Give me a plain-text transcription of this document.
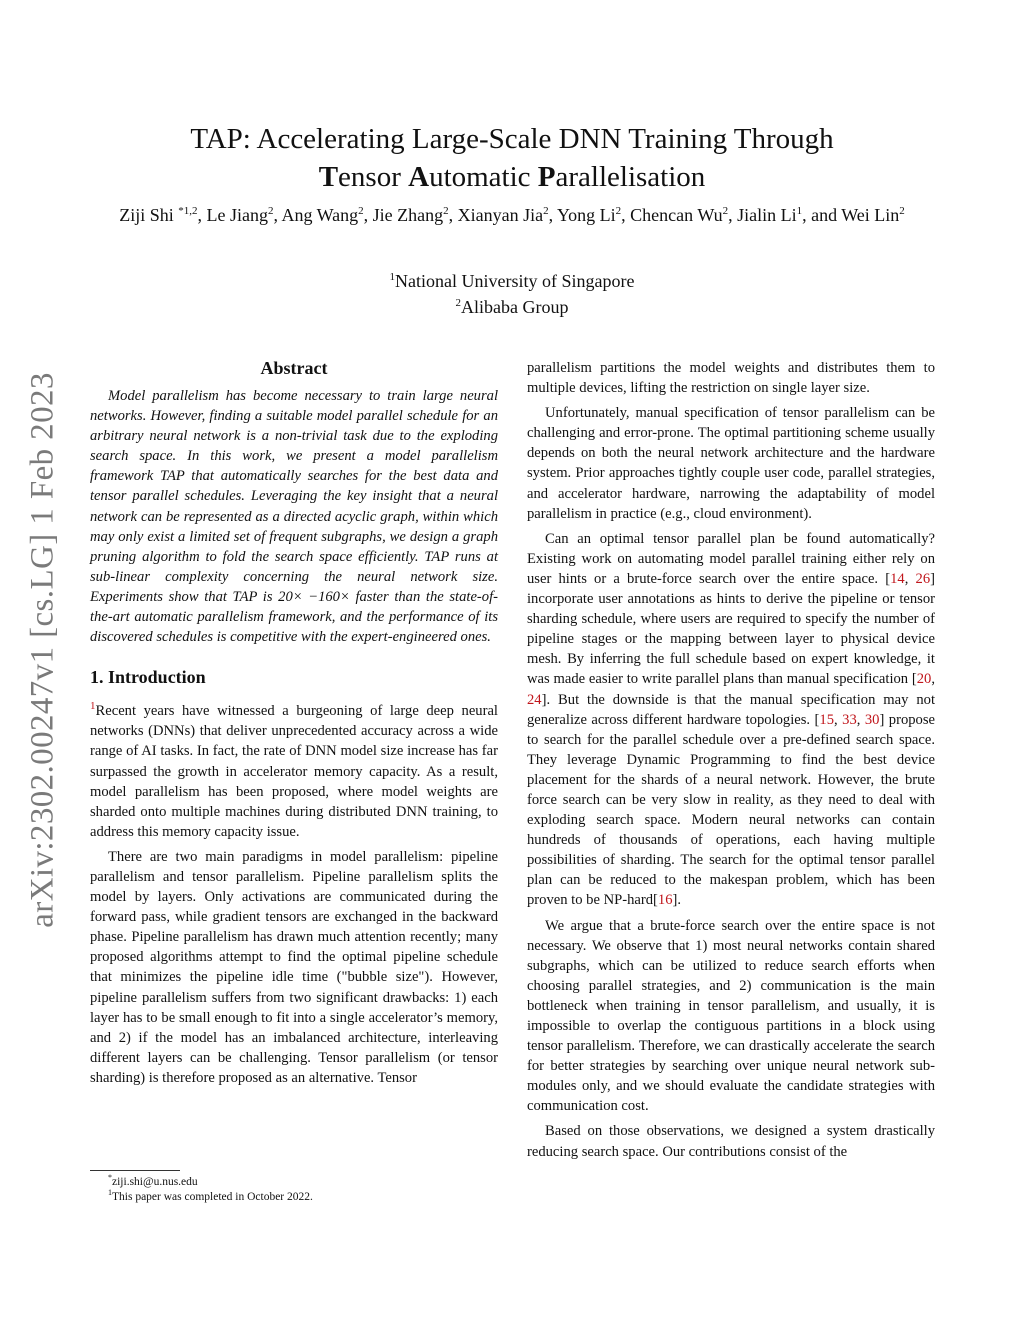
arXiv:2302.00247v1 [cs.LG] 1 Feb 2023
TAP: Accelerating Large-Scale DNN Training Through
Tensor Automatic Parallelisation
Ziji Shi $^{*1,2}$, Le Jiang$^2$, Ang Wang$^2$, Jie Zhang$^2$, Xianyan Jia$^2$, Yong Li$^2$, Chencan Wu$^2$, Jialin Li$^1$, and Wei Lin$^2$
$^1$National University of Singapore
$^2$Alibaba Group
Abstract

Model parallelism has become necessary to train large neural networks. However, finding a suitable model parallel schedule for an arbitrary neural network is a non-trivial task due to the exploding search space. In this work, we present a model parallelism framework TAP that automatically searches for the best data and tensor parallel schedules. Leveraging the key insight that a neural network can be represented as a directed acyclic graph, within which may only exist a limited set of frequent subgraphs, we design a graph pruning algorithm to fold the search space efficiently. TAP runs at sub-linear complexity concerning the neural network size. Experiments show that TAP is 20× −160× faster than the state-of-the-art automatic parallelism framework, and the performance of its discovered schedules is competitive with the expert-engineered ones.

1. Introduction

$^1$Recent years have witnessed a burgeoning of large deep neural networks (DNNs) that deliver unprecedented accuracy across a wide range of AI tasks. In fact, the rate of DNN model size increase has far surpassed the growth in accelerator memory capacity. As a result, model parallelism has been proposed, where model weights are sharded onto multiple machines during distributed DNN training, to address this memory capacity issue.

There are two main paradigms in model parallelism: pipeline parallelism and tensor parallelism. Pipeline parallelism splits the model by layers. Only activations are communicated during the forward pass, while gradient tensors are exchanged in the backward phase. Pipeline parallelism has drawn much attention recently; many proposed algorithms attempt to find the optimal pipeline schedule that minimizes the pipeline idle time ("bubble size"). However, pipeline parallelism suffers from two significant drawbacks: 1) each layer has to be small enough to fit into a single accelerator’s memory, and 2) if the model has an imbalanced architecture, interleaving different layers can be challenging. Tensor parallelism (or tensor sharding) is therefore proposed as an alternative. Tensor

*ziji.shi@u.nus.edu

$^1$This paper was completed in October 2022.

parallelism partitions the model weights and distributes them to multiple devices, lifting the restriction on single layer size.

Unfortunately, manual specification of tensor parallelism can be challenging and error-prone. The optimal partitioning scheme usually depends on both the neural network architecture and the hardware system. Prior approaches tightly couple user code, parallel strategies, and accelerator hardware, narrowing the adaptability of model parallelism in practice (e.g., cloud environment).

Can an optimal tensor parallel plan be found automatically? Existing work on automating model parallel training either rely on user hints or a brute-force search over the entire space. [14, 26] incorporate user annotations as hints to derive the pipeline or tensor sharding schedule, where users are required to specify the number of pipeline stages or the mapping between layer to physical device mesh. By inferring the full schedule based on expert knowledge, it was made easier to write parallel plans than manual specification [20, 24]. But the downside is that the manual specification may not generalize across different hardware topologies. [15, 33, 30] propose to search for the parallel schedule over a pre-defined search space. They leverage Dynamic Programming to find the best device placement for the shards of a neural network. However, the brute force search can be very slow in reality, as they need to deal with exploding search space. Modern neural networks can contain hundreds of thousands of operations, each having multiple possibilities of sharding. The search for the optimal tensor parallel plan can be reduced to the makespan problem, which has been proven to be NP-hard[16].

We argue that a brute-force search over the entire space is not necessary. We observe that 1) most neural networks contain shared subgraphs, which can be utilized to reduce search efforts when choosing parallel strategies, and 2) communication is the main bottleneck when training in tensor parallelism, and usually, it is impossible to overlap the contiguous partitions in a block using tensor parallelism. Therefore, we can drastically accelerate the search for better strategies by searching over unique neural network sub-modules only, and we should evaluate the candidate strategies with communication cost.

Based on those observations, we designed a system drastically reducing search space. Our contributions consist of the
